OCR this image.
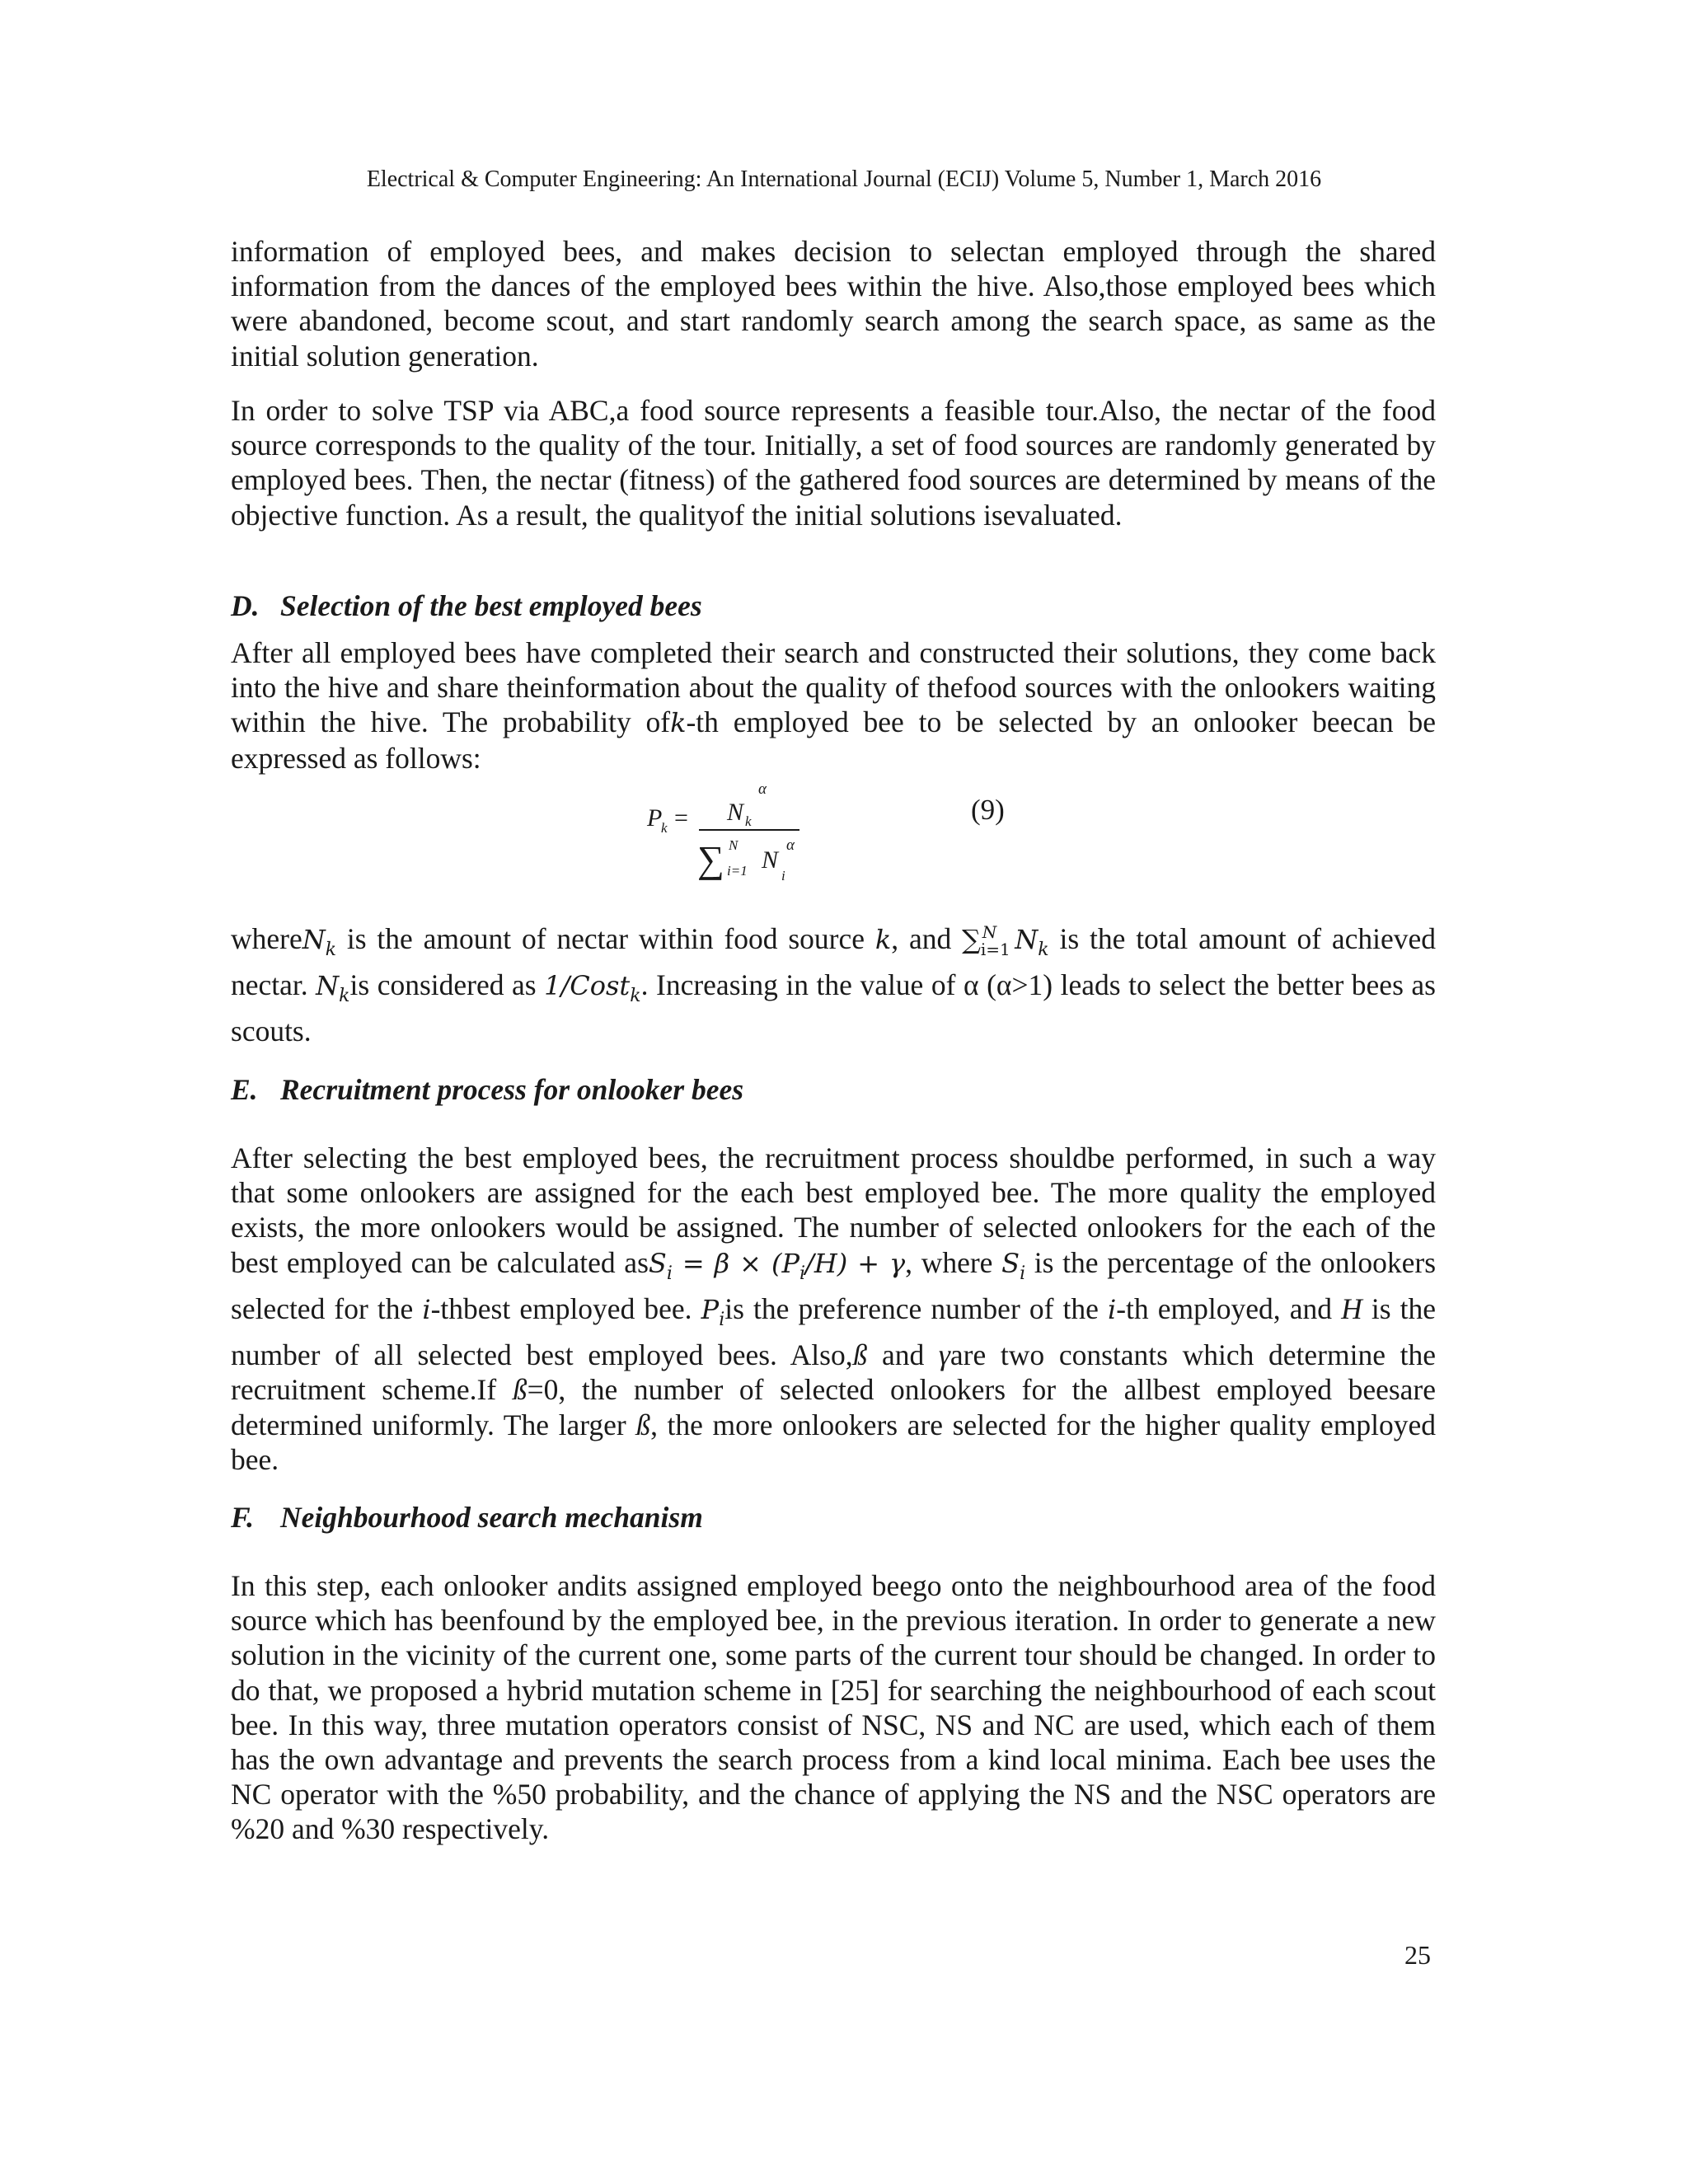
Electrical & Computer Engineering: An International Journal (ECIJ) Volume 5, Number 1, March 2016

information of employed bees, and makes decision to selectan employed through the shared information from the dances of the employed bees within the hive. Also,those employed bees which were abandoned, become scout, and start randomly search among the search space, as same as the initial solution generation.

In order to solve TSP via ABC,a food source represents a feasible tour.Also, the nectar of the food source corresponds to the quality of the tour. Initially, a set of food sources are randomly generated by employed bees. Then, the nectar (fitness) of the gathered food sources are determined by means of the objective function. As a result, the qualityof the initial solutions isevaluated.

D. Selection of the best employed bees

After all employed bees have completed their search and constructed their solutions, they come back into the hive and share theinformation about the quality of thefood sources with the onlookers waiting within the hive. The probability ofk-th employed bee to be selected by an onlooker beecan be expressed as follows:

P
k =
α
N k
∑ N
i=1 N
α
i
(9)

whereN$_k$ is the amount of nectar within food source k, and $\sum_{i=1}^N$ $N_k$ is the total amount of achieved nectar. $N_kis$ considered as 1/Cost$_k$. Increasing in the value of α (α>1) leads to select the better bees as scouts.

E. Recruitment process for onlooker bees

After selecting the best employed bees, the recruitment process shouldbe performed, in such a way that some onlookers are assigned for the each best employed bee. The more quality the employed exists, the more onlookers would be assigned. The number of selected onlookers for the each of the best employed can be calculated $asS_i = \beta \times (P_i/H) + \gamma$, where $S_i$ is the percentage of the onlookers selected for the i-thbest employed bee. $P_iis$ the preference number of the i-th employed, and H is the number of all selected best employed bees. Also,ß and γare two constants which determine the recruitment scheme.If ß=0, the number of selected onlookers for the allbest employed beesare determined uniformly. The larger ß, the more onlookers are selected for the higher quality employed bee.

F. Neighbourhood search mechanism

In this step, each onlooker andits assigned employed beego onto the neighbourhood area of the food source which has beenfound by the employed bee, in the previous iteration. In order to generate a new solution in the vicinity of the current one, some parts of the current tour should be changed. In order to do that, we proposed a hybrid mutation scheme in [25] for searching the neighbourhood of each scout bee. In this way, three mutation operators consist of NSC, NS and NC are used, which each of them has the own advantage and prevents the search process from a kind local minima. Each bee uses the NC operator with the %50 probability, and the chance of applying the NS and the NSC operators are %20 and %30 respectively.

25
